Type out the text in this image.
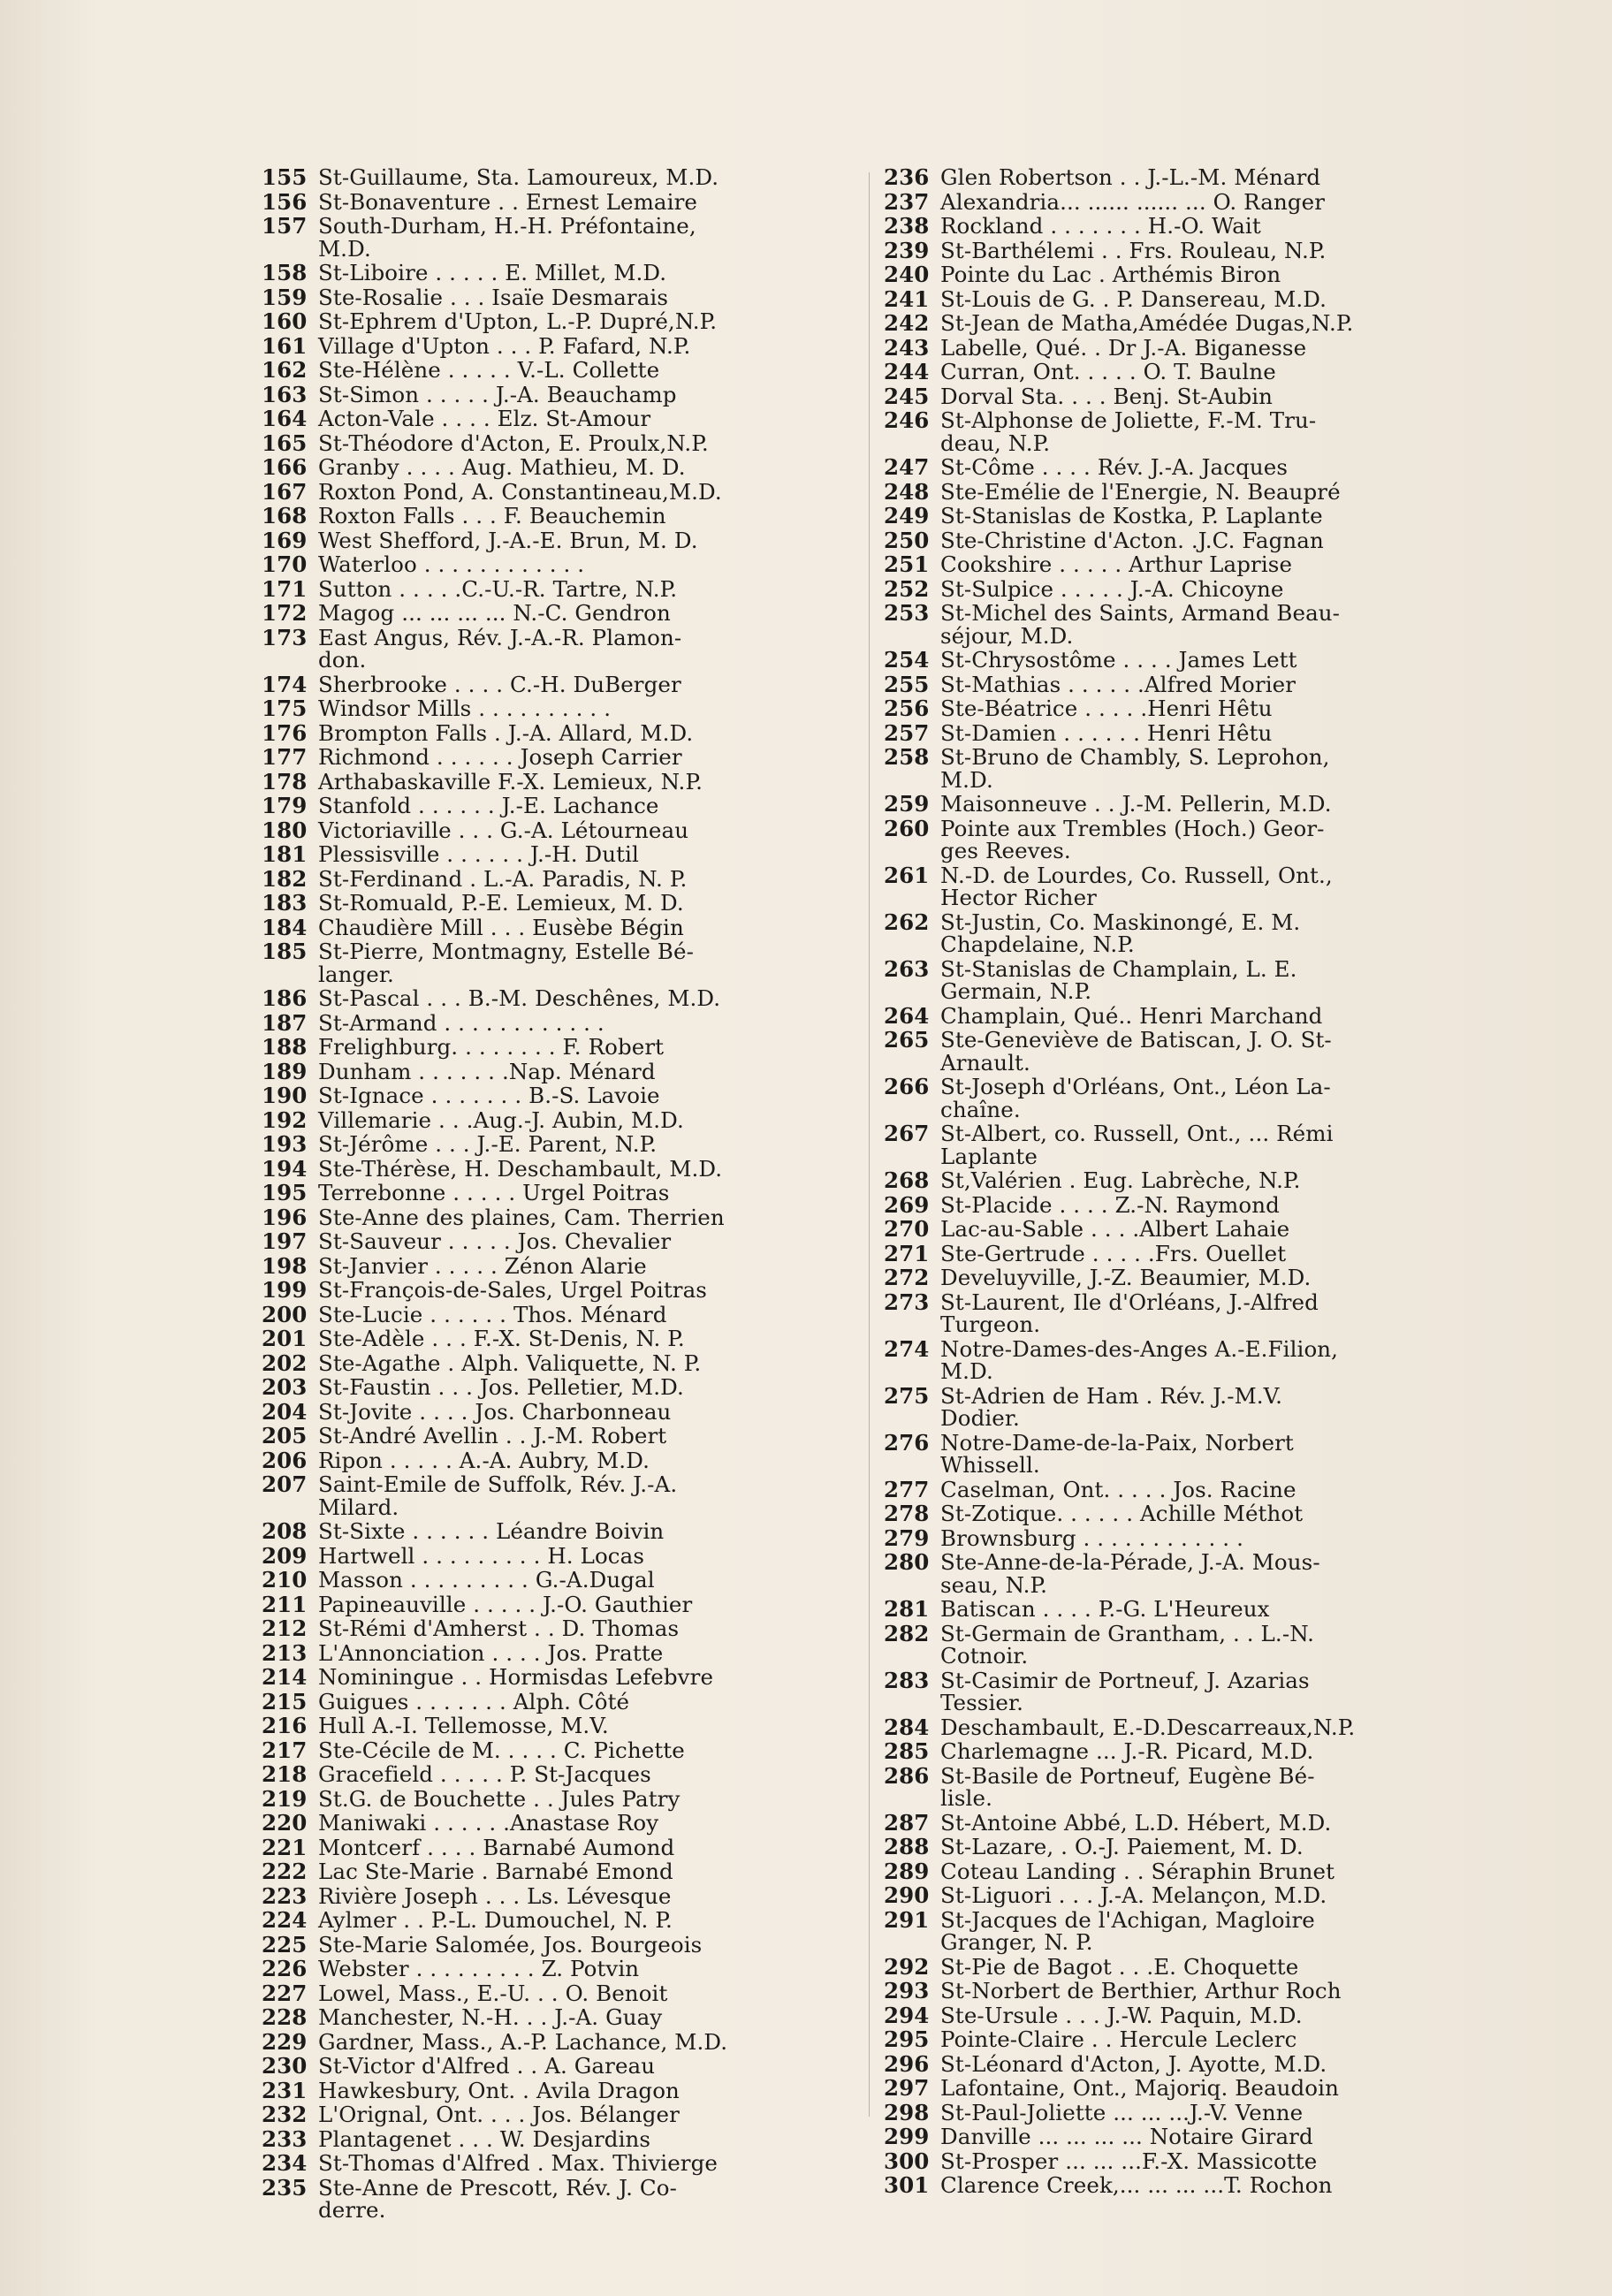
155 St-Guillaume, Sta. Lamoureux, M.D.
156 St-Bonaventure . . Ernest Lemaire
157 South-Durham, H.-H. Préfontaine,
M.D.
158 St-Liboire . . . . . E. Millet, M.D.
159 Ste-Rosalie . . . Isaïe Desmarais
160 St-Ephrem d'Upton, L.-P. Dupré,N.P.
161 Village d'Upton . . . P. Fafard, N.P.
162 Ste-Hélène . . . . . V.-L. Collette
163 St-Simon . . . . . J.-A. Beauchamp
164 Acton-Vale . . . . Elz. St-Amour
165 St-Théodore d'Acton, E. Proulx,N.P.
166 Granby . . . . Aug. Mathieu, M. D.
167 Roxton Pond, A. Constantineau,M.D.
168 Roxton Falls . . . F. Beauchemin
169 West Shefford, J.-A.-E. Brun, M. D.
170 Waterloo . . . . . . . . . . . .
171 Sutton . . . . .C.-U.-R. Tartre, N.P.
172 Magog ... ... ... ... N.-C. Gendron
173 East Angus, Rév. J.-A.-R. Plamon-
don.
174 Sherbrooke . . . . C.-H. DuBerger
175 Windsor Mills . . . . . . . . . .
176 Brompton Falls . J.-A. Allard, M.D.
177 Richmond . . . . . . Joseph Carrier
178 Arthabaskaville F.-X. Lemieux, N.P.
179 Stanfold . . . . . . J.-E. Lachance
180 Victoriaville . . . G.-A. Létourneau
181 Plessisville . . . . . . J.-H. Dutil
182 St-Ferdinand . L.-A. Paradis, N. P.
183 St-Romuald, P.-E. Lemieux, M. D.
184 Chaudière Mill . . . Eusèbe Bégin
185 St-Pierre, Montmagny, Estelle Bé-
langer.
186 St-Pascal . . . B.-M. Deschênes, M.D.
187 St-Armand . . . . . . . . . . . .
188 Frelighburg. . . . . . . . F. Robert
189 Dunham . . . . . . .Nap. Ménard
190 St-Ignace . . . . . . . B.-S. Lavoie
192 Villemarie . . .Aug.-J. Aubin, M.D.
193 St-Jérôme . . . J.-E. Parent, N.P.
194 Ste-Thérèse, H. Deschambault, M.D.
195 Terrebonne . . . . . Urgel Poitras
196 Ste-Anne des plaines, Cam. Therrien
197 St-Sauveur . . . . . Jos. Chevalier
198 St-Janvier . . . . . Zénon Alarie
199 St-François-de-Sales, Urgel Poitras
200 Ste-Lucie . . . . . . Thos. Ménard
201 Ste-Adèle . . . F.-X. St-Denis, N. P.
202 Ste-Agathe . Alph. Valiquette, N. P.
203 St-Faustin . . . Jos. Pelletier, M.D.
204 St-Jovite . . . . Jos. Charbonneau
205 St-André Avellin . . J.-M. Robert
206 Ripon . . . . . A.-A. Aubry, M.D.
207 Saint-Emile de Suffolk, Rév. J.-A.
Milard.
208 St-Sixte . . . . . . Léandre Boivin
209 Hartwell . . . . . . . . . H. Locas
210 Masson . . . . . . . . . G.-A.Dugal
211 Papineauville . . . . . J.-O. Gauthier
212 St-Rémi d'Amherst . . D. Thomas
213 L'Annonciation . . . . Jos. Pratte
214 Nominingue . . Hormisdas Lefebvre
215 Guigues . . . . . . . Alph. Côté
216 Hull A.-I. Tellemosse, M.V.
217 Ste-Cécile de M. . . . . C. Pichette
218 Gracefield . . . . . P. St-Jacques
219 St.G. de Bouchette . . Jules Patry
220 Maniwaki . . . . . .Anastase Roy
221 Montcerf . . . . Barnabé Aumond
222 Lac Ste-Marie . Barnabé Emond
223 Rivière Joseph . . . Ls. Lévesque
224 Aylmer . . P.-L. Dumouchel, N. P.
225 Ste-Marie Salomée, Jos. Bourgeois
226 Webster . . . . . . . . . Z. Potvin
227 Lowel, Mass., E.-U. . . O. Benoit
228 Manchester, N.-H. . . J.-A. Guay
229 Gardner, Mass., A.-P. Lachance, M.D.
230 St-Victor d'Alfred . . A. Gareau
231 Hawkesbury, Ont. . Avila Dragon
232 L'Orignal, Ont. . . . Jos. Bélanger
233 Plantagenet . . . W. Desjardins
234 St-Thomas d'Alfred . Max. Thivierge
235 Ste-Anne de Prescott, Rév. J. Co-
derre.
236 Glen Robertson . . J.-L.-M. Ménard
237 Alexandria... ...... ...... ... O. Ranger
238 Rockland . . . . . . . H.-O. Wait
239 St-Barthélemi . . Frs. Rouleau, N.P.
240 Pointe du Lac . Arthémis Biron
241 St-Louis de G. . P. Dansereau, M.D.
242 St-Jean de Matha,Amédée Dugas,N.P.
243 Labelle, Qué. . Dr J.-A. Biganesse
244 Curran, Ont. . . . . O. T. Baulne
245 Dorval Sta. . . . Benj. St-Aubin
246 St-Alphonse de Joliette, F.-M. Tru-
deau, N.P.
247 St-Côme . . . . Rév. J.-A. Jacques
248 Ste-Emélie de l'Energie, N. Beaupré
249 St-Stanislas de Kostka, P. Laplante
250 Ste-Christine d'Acton. .J.C. Fagnan
251 Cookshire . . . . . Arthur Laprise
252 St-Sulpice . . . . . J.-A. Chicoyne
253 St-Michel des Saints, Armand Beau-
séjour, M.D.
254 St-Chrysostôme . . . . James Lett
255 St-Mathias . . . . . .Alfred Morier
256 Ste-Béatrice . . . . .Henri Hêtu
257 St-Damien . . . . . . Henri Hêtu
258 St-Bruno de Chambly, S. Leprohon,
M.D.
259 Maisonneuve . . J.-M. Pellerin, M.D.
260 Pointe aux Trembles (Hoch.) Geor-
ges Reeves.
261 N.-D. de Lourdes, Co. Russell, Ont.,
Hector Richer
262 St-Justin, Co. Maskinongé, E. M.
Chapdelaine, N.P.
263 St-Stanislas de Champlain, L. E.
Germain, N.P.
264 Champlain, Qué.. Henri Marchand
265 Ste-Geneviève de Batiscan, J. O. St-
Arnault.
266 St-Joseph d'Orléans, Ont., Léon La-
chaîne.
267 St-Albert, co. Russell, Ont., ... Rémi
Laplante
268 St,Valérien . Eug. Labrèche, N.P.
269 St-Placide . . . . Z.-N. Raymond
270 Lac-au-Sable . . . .Albert Lahaie
271 Ste-Gertrude . . . . .Frs. Ouellet
272 Develuyville, J.-Z. Beaumier, M.D.
273 St-Laurent, Ile d'Orléans, J.-Alfred
Turgeon.
274 Notre-Dames-des-Anges A.-E.Filion,
M.D.
275 St-Adrien de Ham . Rév. J.-M.V.
Dodier.
276 Notre-Dame-de-la-Paix, Norbert
Whissell.
277 Caselman, Ont. . . . . Jos. Racine
278 St-Zotique. . . . . . Achille Méthot
279 Brownsburg . . . . . . . . . . . .
280 Ste-Anne-de-la-Pérade, J.-A. Mous-
seau, N.P.
281 Batiscan . . . . P.-G. L'Heureux
282 St-Germain de Grantham, . . L.-N.
Cotnoir.
283 St-Casimir de Portneuf, J. Azarias
Tessier.
284 Deschambault, E.-D.Descarreaux,N.P.
285 Charlemagne ... J.-R. Picard, M.D.
286 St-Basile de Portneuf, Eugène Bé-
lisle.
287 St-Antoine Abbé, L.D. Hébert, M.D.
288 St-Lazare, . O.-J. Paiement, M. D.
289 Coteau Landing . . Séraphin Brunet
290 St-Liguori . . . J.-A. Melançon, M.D.
291 St-Jacques de l'Achigan, Magloire
Granger, N. P.
292 St-Pie de Bagot . . .E. Choquette
293 St-Norbert de Berthier, Arthur Roch
294 Ste-Ursule . . . J.-W. Paquin, M.D.
295 Pointe-Claire . . Hercule Leclerc
296 St-Léonard d'Acton, J. Ayotte, M.D.
297 Lafontaine, Ont., Majoriq. Beaudoin
298 St-Paul-Joliette ... ... ...J.-V. Venne
299 Danville ... ... ... ... Notaire Girard
300 St-Prosper ... ... ...F.-X. Massicotte
301 Clarence Creek,... ... ... ...T. Rochon
